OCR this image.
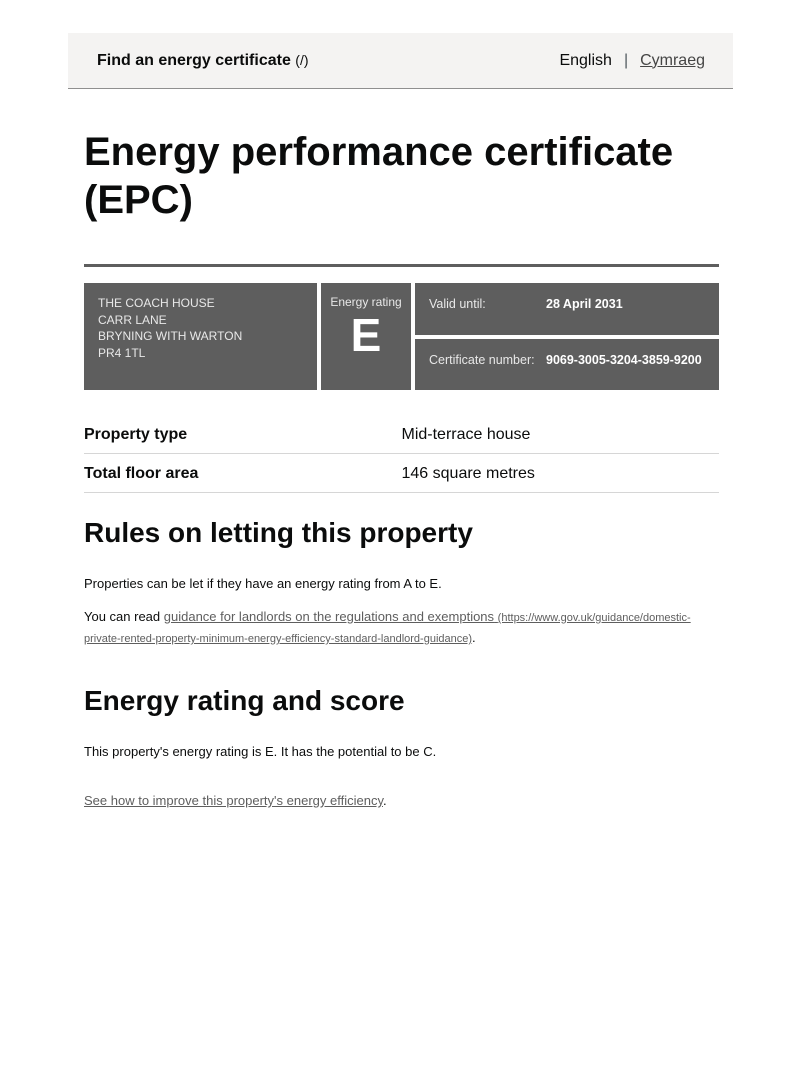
Find an energy certificate (/)	English | Cymraeg
Energy performance certificate (EPC)
THE COACH HOUSE
CARR LANE
BRYNING WITH WARTON
PR4 1TL
Energy rating
E
Valid until:	28 April 2031
Certificate number: 9069-3005-3204-3859-9200
Property type	Mid-terrace house
Total floor area	146 square metres
Rules on letting this property

Properties can be let if they have an energy rating from A to E.

You can read guidance for landlords on the regulations and exemptions (https://www.gov.uk/guidance/domestic-private-rented-property-minimum-energy-efficiency-standard-landlord-guidance).

Energy rating and score

This property's energy rating is E. It has the potential to be C.

See how to improve this property's energy efficiency.
